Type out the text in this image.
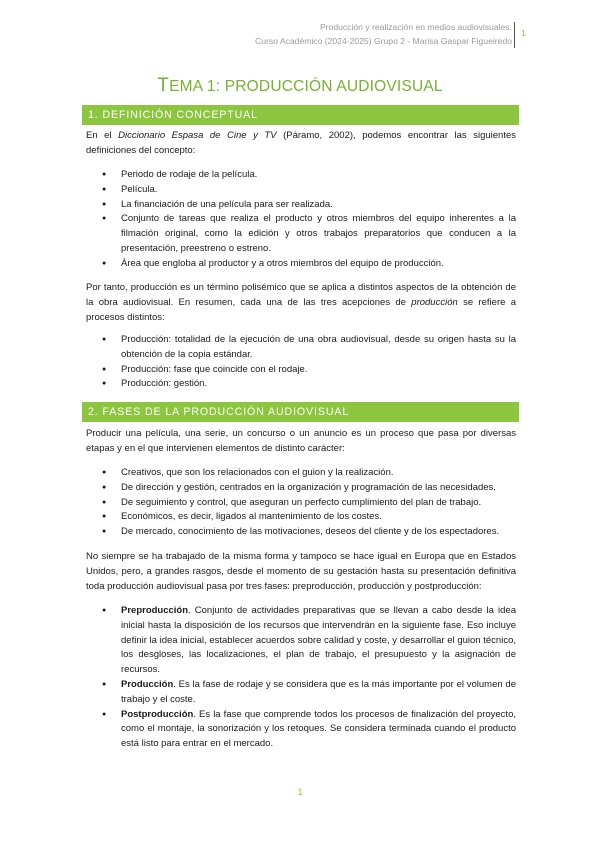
Producción y realización en medios audiovisuales.
Curso Académico (2024-2025) Grupo 2 - Marisa Gaspar Figueiredo
1
TEMA 1: PRODUCCIÓN AUDIOVISUAL
1. DEFINICIÓN CONCEPTUAL
En el Diccionario Espasa de Cine y TV (Páramo, 2002), podemos encontrar las siguientes definiciones del concepto:
● Periodo de rodaje de la película.
● Película.
● La financiación de una película para ser realizada.
● Conjunto de tareas que realiza el producto y otros miembros del equipo inherentes a la filmación original, como la edición y otros trabajos preparatorios que conducen a la presentación, preestreno o estreno.
● Área que engloba al productor y a otros miembros del equipo de producción.
Por tanto, producción es un término polisémico que se aplica a distintos aspectos de la obtención de la obra audiovisual. En resumen, cada una de las tres acepciones de producción se refiere a procesos distintos:
● Producción: totalidad de la ejecución de una obra audiovisual, desde su origen hasta su la obtención de la copia estándar.
● Producción: fase que coincide con el rodaje.
● Producción: gestión.
2. FASES DE LA PRODUCCIÓN AUDIOVISUAL
Producir una película, una serie, un concurso o un anuncio es un proceso que pasa por diversas etapas y en el que intervienen elementos de distinto carácter:
● Creativos, que son los relacionados con el guion y la realización.
● De dirección y gestión, centrados en la organización y programación de las necesidades.
● De seguimiento y control, que aseguran un perfecto cumplimiento del plan de trabajo.
● Económicos, es decir, ligados al mantenimiento de los costes.
● De mercado, conocimiento de las motivaciones, deseos del cliente y de los espectadores.
No siempre se ha trabajado de la misma forma y tampoco se hace igual en Europa que en Estados Unidos, pero, a grandes rasgos, desde el momento de su gestación hasta su presentación definitiva toda producción audiovisual pasa por tres fases: preproducción, producción y postproducción:
● Preproducción. Conjunto de actividades preparativas que se llevan a cabo desde la idea inicial hasta la disposición de los recursos que intervendrán en la siguiente fase. Eso incluye definir la idea inicial, establecer acuerdos sobre calidad y coste, y desarrollar el guion técnico, los desgloses, las localizaciones, el plan de trabajo, el presupuesto y la asignación de recursos.
● Producción. Es la fase de rodaje y se considera que es la más importante por el volumen de trabajo y el coste.
● Postproducción. Es la fase que comprende todos los procesos de finalización del proyecto, como el montaje, la sonorización y los retoques. Se considera terminada cuando el producto está listo para entrar en el mercado.
1
